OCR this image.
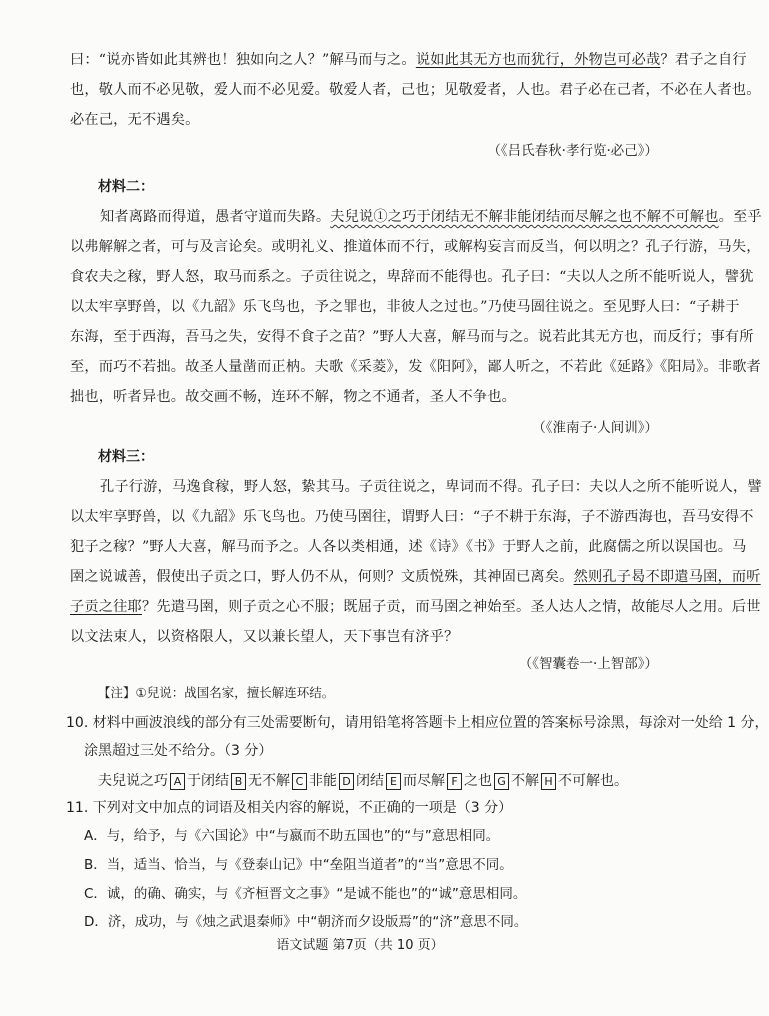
曰：“说亦皆如此其辨也！独如向之人？”解马而与之。说如此其无方也而犹行，外物岂可必哉？君子之自行
也，敬人而不必见敬，爱人而不必见爱。敬爱人者，己也；见敬爱者，人也。君子必在己者，不必在人者也。
必在己，无不遇矣。
（《吕氏春秋·孝行览·必己》）
材料二：
知者离路而得道，愚者守道而失路。夫兒说①之巧于闭结无不解非能闭结而尽解之也不解不可解也。至乎
以弗解解之者，可与及言论矣。或明礼义、推道体而不行，或解构妄言而反当，何以明之？孔子行游，马失，
食农夫之稼，野人怒，取马而系之。子贡往说之，卑辞而不能得也。孔子曰：“夫以人之所不能听说人，譬犹
以太牢享野兽，以《九韶》乐飞鸟也，予之罪也，非彼人之过也。”乃使马圄往说之。至见野人曰：“子耕于
东海，至于西海，吾马之失，安得不食子之苗？”野人大喜，解马而与之。说若此其无方也，而反行；事有所
至，而巧不若拙。故圣人量凿而正枘。夫歌《采菱》，发《阳阿》，鄙人听之，不若此《延路》《阳局》。非歌者
拙也，听者异也。故交画不畅，连环不解，物之不通者，圣人不争也。
（《淮南子·人间训》）
材料三：
孔子行游，马逸食稼，野人怒，絷其马。子贡往说之，卑词而不得。孔子曰：夫以人之所不能听说人，譬
以太牢享野兽，以《九韶》乐飞鸟也。乃使马圉往，谓野人曰：“子不耕于东海，子不游西海也，吾马安得不
犯子之稼？”野人大喜，解马而予之。人各以类相通，述《诗》《书》于野人之前，此腐儒之所以误国也。马
圉之说诚善，假使出子贡之口，野人仍不从，何则？文质悦殊，其神固已离矣。然则孔子曷不即遣马圉，而听
子贡之往耶？先遣马圉，则子贡之心不服；既屈子贡，而马圉之神始至。圣人达人之情，故能尽人之用。后世
以文法束人，以资格限人，又以兼长望人，天下事岂有济乎？
（《智囊卷一·上智部》）
【注】①兒说：战国名家，擅长解连环结。
10. 材料中画波浪线的部分有三处需要断句，请用铅笔将答题卡上相应位置的答案标号涂黑，每涂对一处给 1 分，
涂黑超过三处不给分。（3 分）
夫兒说之巧 A 于闭结 B 无不解 C 非能 D 闭结 E 而尽解 F 之也 G 不解 H 不可解也。
11. 下列对文中加点的词语及相关内容的解说，不正确的一项是（3 分）
A．与，给予，与《六国论》中“与嬴而不助五国也”的“与”意思相同。
B．当，适当、恰当，与《登泰山记》中“垒阻当道者”的“当”意思不同。
C．诚，的确、确实，与《齐桓晋文之事》“是诚不能也”的“诚”意思相同。
D．济，成功，与《烛之武退秦师》中“朝济而夕设版焉”的“济”意思不同。
语文试题 第7页（共 10 页）
